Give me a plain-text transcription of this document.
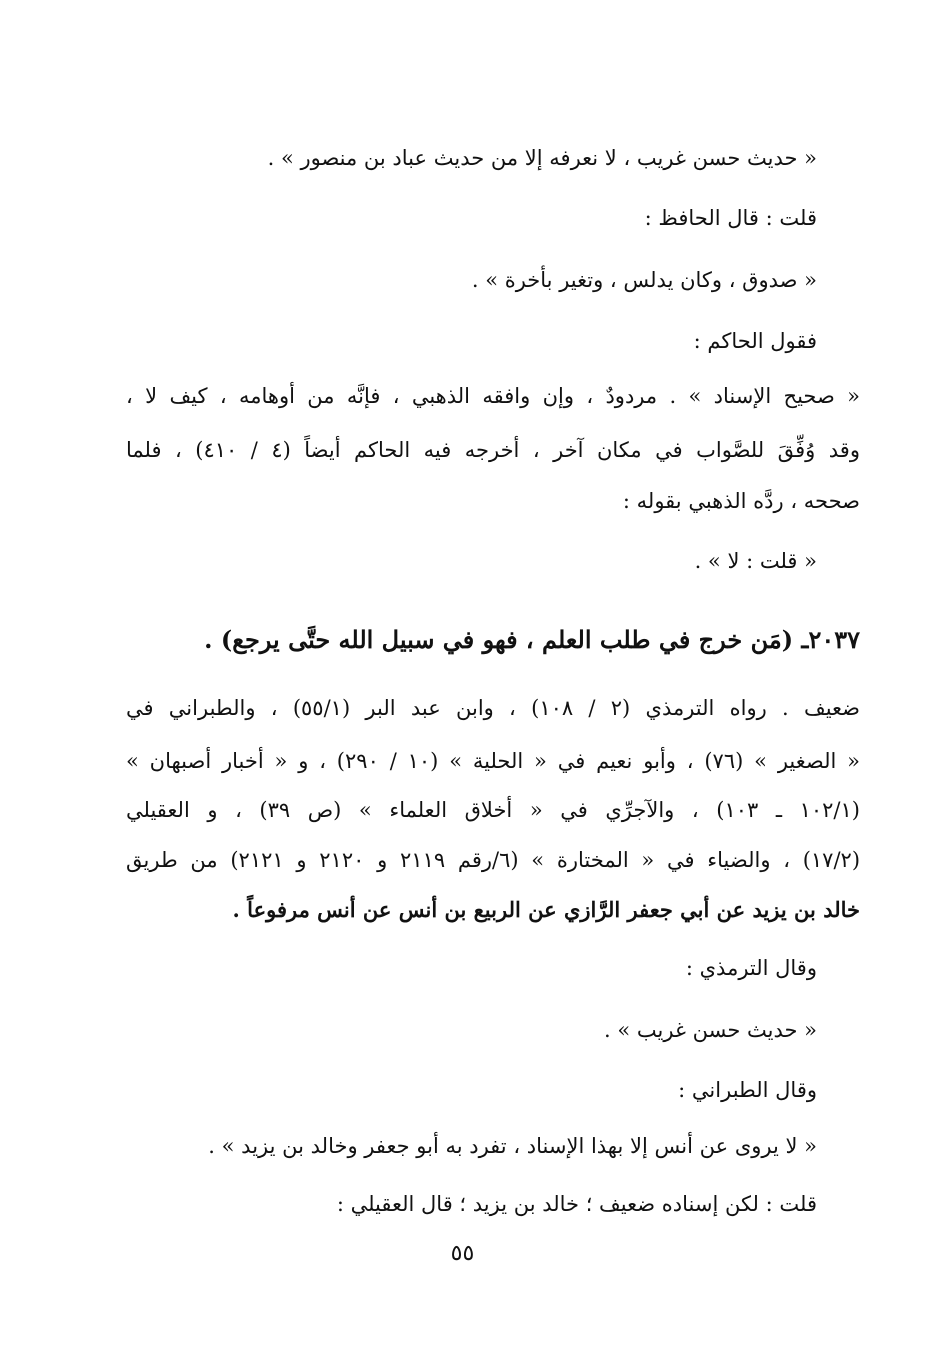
« حديث حسن غريب ، لا نعرفه إلا من حديث عباد بن منصور » .

قلت : قال الحافظ :

« صدوق ، وكان يدلس ، وتغير بأخرة » .

فقول الحاكم :

« صحيح الإسناد » . مردودٌ ، وإن وافقه الذهبي ، فإنَّه من أوهامه ، كيف لا ،

وقد وُفِّقَ للصَّواب في مكان آخر ، أخرجه فيه الحاكم أيضاً (٤ / ٤١٠) ، فلما

صححه ، ردَّه الذهبي بقوله :

« قلت : لا » .

٢٠٣٧ـ (مَن خرج في طلب العلم ، فهو في سبيل الله حتَّى يرجع) .

ضعيف . رواه الترمذي (٢ / ١٠٨) ، وابن عبد البر (٥٥/١) ، والطبراني في

« الصغير » (٧٦) ، وأبو نعيم في « الحلية » (١٠ / ٢٩٠) ، و « أخبار أصبهان »

(١٠٢/١ ـ ١٠٣) ، والآجرِّي في « أخلاق العلماء » (ص ٣٩) ، و العقيلي

(١٧/٢) ، والضياء في « المختارة » (٦/رقم ٢١١٩ و ٢١٢٠ و ٢١٢١) من طريق

خالد بن يزيد عن أبي جعفر الرَّازي عن الربيع بن أنس عن أنس مرفوعاً .

وقال الترمذي :

« حديث حسن غريب » .

وقال الطبراني :

« لا يروى عن أنس إلا بهذا الإسناد ، تفرد به أبو جعفر وخالد بن يزيد » .

قلت : لكن إسناده ضعيف ؛ خالد بن يزيد ؛ قال العقيلي :

٥٥
